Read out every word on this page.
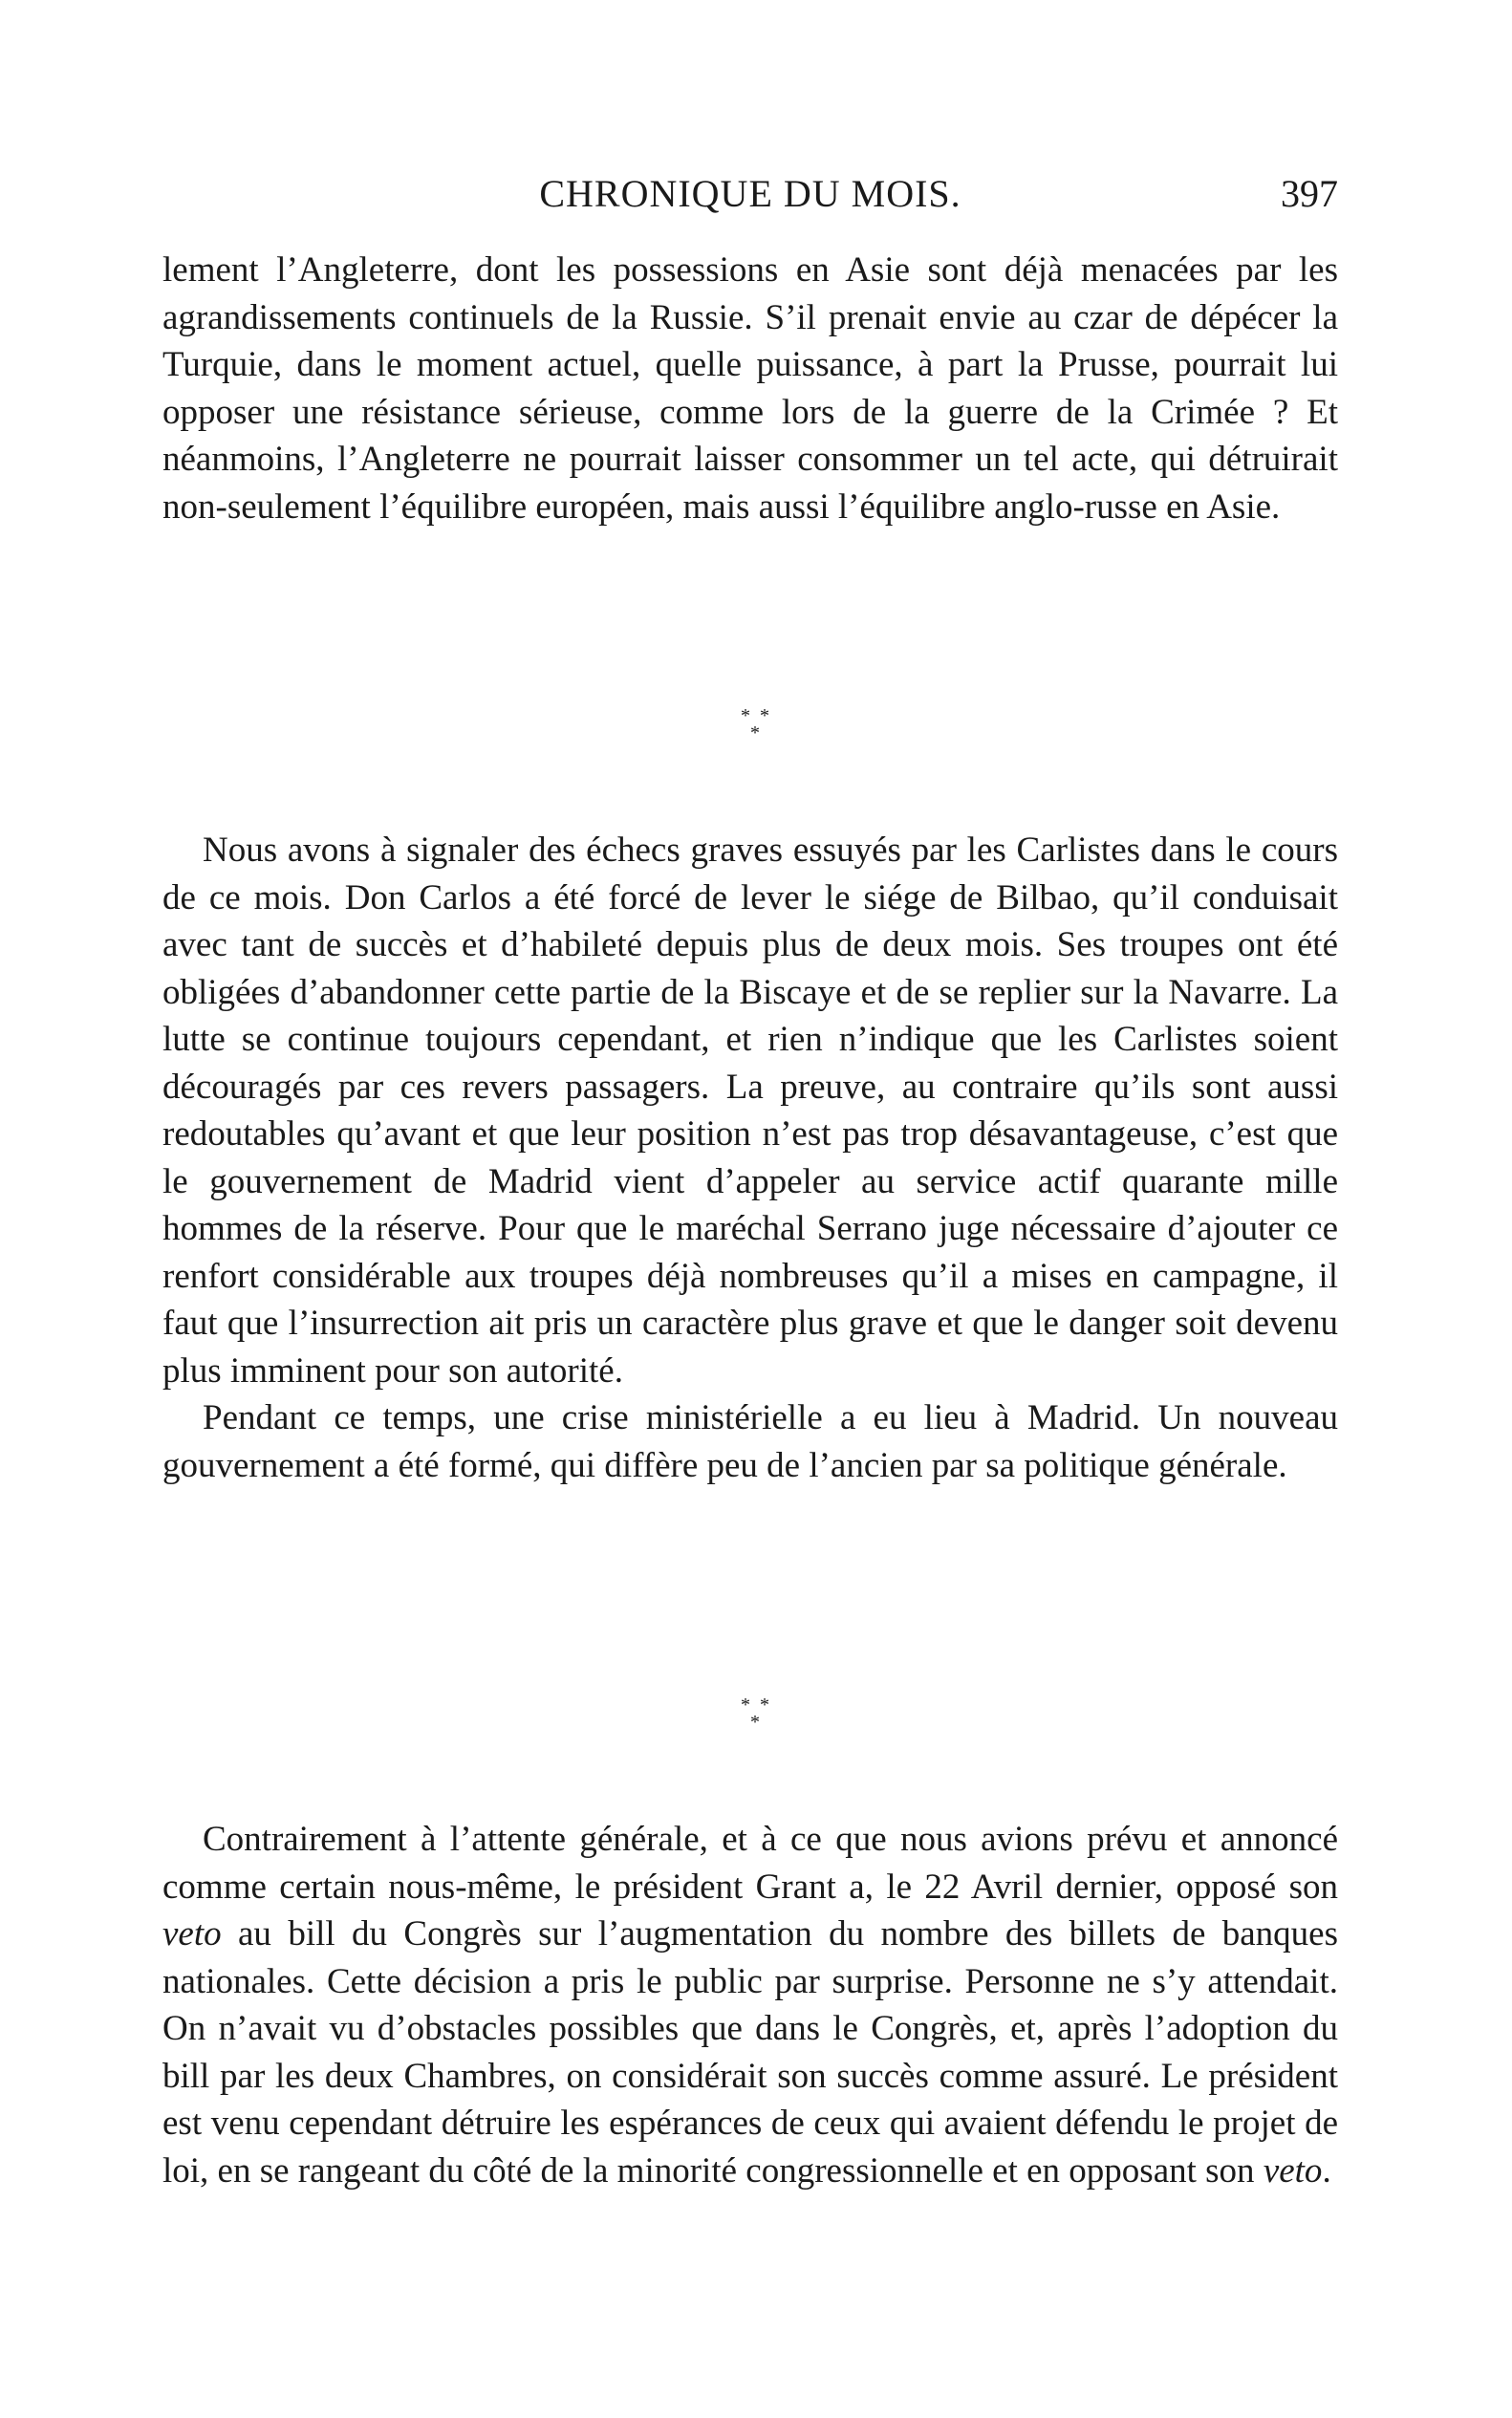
CHRONIQUE DU MOIS.	397

lement l’Angleterre, dont les possessions en Asie sont déjà menacées par les agrandissements continuels de la Russie. S’il prenait envie au czar de dépécer la Turquie, dans le moment actuel, quelle puissance, à part la Prusse, pourrait lui opposer une résistance sérieuse, comme lors de la guerre de la Crimée ? Et néanmoins, l’Angleterre ne pourrait laisser consommer un tel acte, qui détruirait non-seulement l’équilibre européen, mais aussi l’équilibre anglo-russe en Asie.

* *
*

Nous avons à signaler des échecs graves essuyés par les Carlistes dans le cours de ce mois. Don Carlos a été forcé de lever le siége de Bilbao, qu’il conduisait avec tant de succès et d’habileté depuis plus de deux mois. Ses troupes ont été obligées d’abandonner cette partie de la Biscaye et de se replier sur la Navarre. La lutte se continue toujours cependant, et rien n’indique que les Carlistes soient découragés par ces revers passagers. La preuve, au contraire qu’ils sont aussi redoutables qu’avant et que leur position n’est pas trop désavantageuse, c’est que le gouvernement de Madrid vient d’appeler au service actif quarante mille hommes de la réserve. Pour que le maréchal Serrano juge nécessaire d’ajouter ce renfort considérable aux troupes déjà nombreuses qu’il a mises en campagne, il faut que l’insurrection ait pris un caractère plus grave et que le danger soit devenu plus imminent pour son autorité.

Pendant ce temps, une crise ministérielle a eu lieu à Madrid. Un nouveau gouvernement a été formé, qui diffère peu de l’ancien par sa politique générale.

* *
*

Contrairement à l’attente générale, et à ce que nous avions prévu et annoncé comme certain nous-même, le président Grant a, le 22 Avril dernier, opposé son veto au bill du Congrès sur l’augmentation du nombre des billets de banques nationales. Cette décision a pris le public par surprise. Personne ne s’y attendait. On n’avait vu d’obstacles possibles que dans le Congrès, et, après l’adoption du bill par les deux Chambres, on considérait son succès comme assuré. Le président est venu cependant détruire les espérances de ceux qui avaient défendu le projet de loi, en se rangeant du côté de la minorité congressionnelle et en opposant son veto.
